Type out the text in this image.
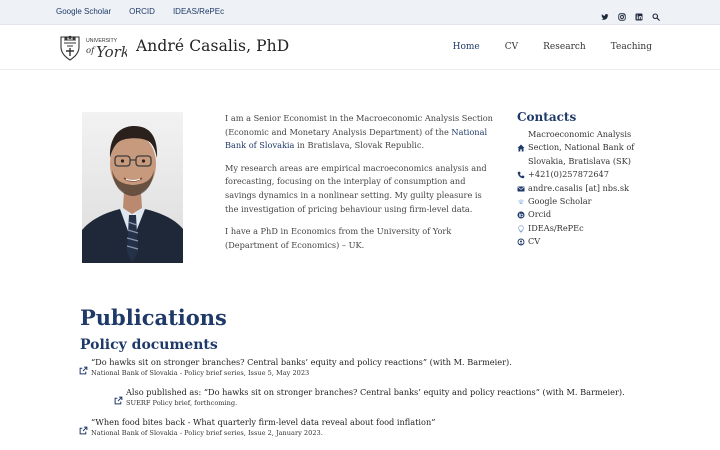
Google Scholar ORCID IDEAS/RePEc
UNIVERSITY
of York André Casalis, PhD	Home	CV	Research	Teaching

I am a Senior Economist in the Macroeconomic Analysis Section (Economic and Monetary Analysis Department) of the National Bank of Slovakia in Bratislava, Slovak Republic.

My research areas are empirical macroeconomics analysis and forecasting, focusing on the interplay of consumption and savings dynamics in a nonlinear setting. My guilty pleasure is the investigation of pricing behaviour using firm-level data.

I have a PhD in Economics from the University of York (Department of Economics) – UK.

Contacts
Macroeconomic Analysis
Section, National Bank of Slovakia, Bratislava (SK)
+421(0)257872647
andre.casalis [at] nbs.sk
Google Scholar
Orcid
IDEAs/RePEc
CV
Publications
Policy documents
“Do hawks sit on stronger branches? Central banks’ equity and policy reactions” (with M. Barmeier).
National Bank of Slovakia - Policy brief series, Issue 5, May 2023
Also published as: “Do hawks sit on stronger branches? Central banks’ equity and policy reactions” (with M. Barmeier).
SUERF Policy brief, forthcoming.
“When food bites back - What quarterly firm-level data reveal about food inflation”
National Bank of Slovakia - Policy brief series, Issue 2, January 2023.
